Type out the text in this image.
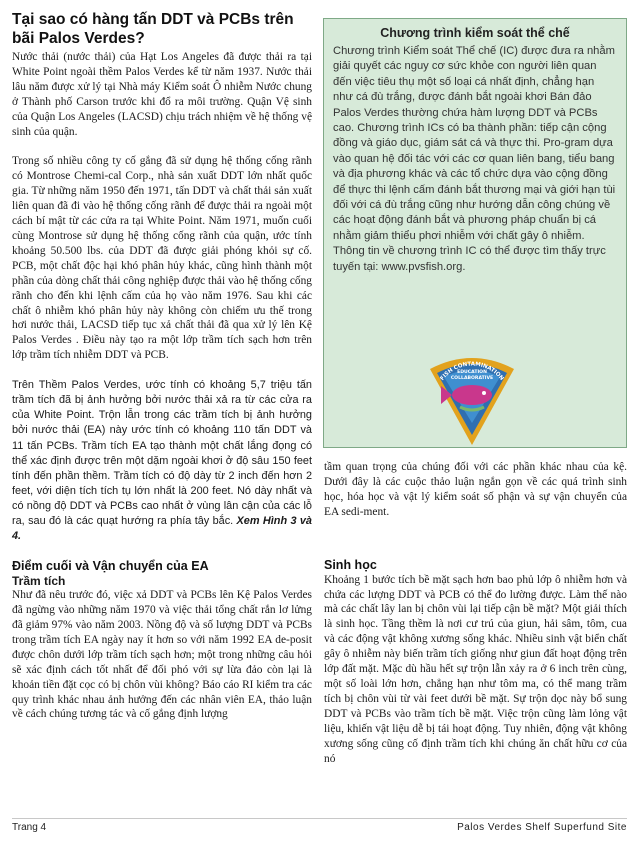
Tại sao có hàng tấn DDT và PCBs trên bãi Palos Verdes?

Nước thải (nước thải) của Hạt Los Angeles đã được thải ra tại White Point ngoài thềm Palos Verdes kể từ năm 1937. Nước thải lâu năm được xử lý tại Nhà máy Kiểm soát Ô nhiễm Nước chung ở Thành phố Carson trước khi đổ ra môi trường. Quận Vệ sinh của Quận Los Angeles (LACSD) chịu trách nhiệm về hệ thống vệ sinh của quận.

Trong số nhiều công ty cố gắng đã sử dụng hệ thống cống rãnh có Montrose Chemi-cal Corp., nhà sản xuất DDT lớn nhất quốc gia. Từ những năm 1950 đến 1971, tấn DDT và chất thải sản xuất liên quan đã đi vào hệ thống cống rãnh để được thải ra ngoài một cách bí mật từ các cửa ra tại White Point. Năm 1971, muốn cuối cùng Montrose sử dụng hệ thống cống rãnh của quận, ước tính khoảng 50.500 lbs. của DDT đã được giải phóng khỏi sự cố. PCB, một chất độc hại khó phân hủy khác, cũng hình thành một phần của dòng chất thải công nghiệp được thải vào hệ thống cống rãnh cho đến khi lệnh cấm của họ vào năm 1976. Sau khi các chất ô nhiễm khó phân hủy này không còn chiếm ưu thế trong hơi nước thải, LACSD tiếp tục xả chất thải đã qua xử lý lên Kệ Palos Verdes . Điều này tạo ra một lớp trầm tích sạch hơn trên lớp trầm tích nhiễm DDT và PCB.

Trên Thềm Palos Verdes, ước tính có khoảng 5,7 triệu tấn trầm tích đã bị ảnh hưởng bởi nước thải xả ra từ các cửa ra của White Point. Trộn lẫn trong các trầm tích bị ảnh hưởng bởi nước thải (EA) này ước tính có khoảng 110 tấn DDT và 11 tấn PCBs. Trầm tích EA tạo thành một chất lắng đọng có thể xác định được trên một dặm ngoài khơi ở độ sâu 150 feet tính đến phần thềm. Trầm tích có độ dày từ 2 inch đến hơn 2 feet, với diện tích tích tụ lớn nhất là 200 feet. Nó dày nhất và có nồng độ DDT và PCBs cao nhất ở vùng lân cận của các lỗ ra, sau đó là các quạt hướng ra phía tây bắc. Xem Hình 3 và 4.

Điểm cuối và Vận chuyển của EA
Trầm tích

Như đã nêu trước đó, việc xả DDT và PCBs lên Kệ Palos Verdes đã ngừng vào những năm 1970 và việc thải tổng chất rắn lơ lửng đã giảm 97% vào năm 2003. Nồng độ và số lượng DDT và PCBs trong trầm tích EA ngày nay ít hơn so với năm 1992 EA de-posit được chôn dưới lớp trầm tích sạch hơn; một trong những câu hỏi sẽ xác định cách tốt nhất để đối phó với sự lừa đảo còn lại là khoản tiền đặt cọc có bị chôn vùi không? Báo cáo RI kiểm tra các quy trình khác nhau ảnh hưởng đến các nhân viên EA, thảo luận về cách chúng tương tác và cố gắng định lượng

Chương trình kiểm soát thể chế

Chương trình Kiểm soát Thể chế (IC) được đưa ra nhằm giải quyết các nguy cơ sức khỏe con người liên quan đến việc tiêu thụ một số loại cá nhất định, chẳng hạn như cá đù trắng, được đánh bắt ngoài khơi Bán đảo Palos Verdes thường chứa hàm lượng DDT và PCBs cao. Chương trình ICs có ba thành phần: tiếp cận cộng đồng và giáo dục, giám sát cá và thực thi. Pro-gram dựa vào quan hệ đối tác với các cơ quan liên bang, tiểu bang và địa phương khác và các tổ chức dựa vào cộng đồng để thực thi lệnh cấm đánh bắt thương mại và giới hạn tùi đối với cá đù trắng cũng như hướng dẫn công chúng về các hoạt động đánh bắt và phương pháp chuẩn bị cá nhằm giảm thiểu phơi nhiễm với chất gây ô nhiễm. Thông tin về chương trình IC có thể được tìm thấy trực tuyến tại: www.pvsfish.org.

FISH CONTAMINATION
EDUCATION
COLLABORATIVE

tầm quan trọng của chúng đối với các phần khác nhau của kệ. Dưới đây là các cuộc thảo luận ngắn gọn về các quá trình sinh học, hóa học và vật lý kiểm soát số phận và sự vận chuyển của EA sedi-ment.

Sinh học

Khoảng 1 bước tích bề mặt sạch hơn bao phủ lớp ô nhiễm hơn và chứa các lượng DDT và PCB có thể đo lường được. Làm thế nào mà các chất lây lan bị chôn vùi lại tiếp cận bề mặt? Một giải thích là sinh học. Tầng thềm là nơi cư trú của giun, hải sâm, tôm, cua và các động vật không xương sống khác. Nhiều sinh vật biển chất gây ô nhiễm này biến trầm tích giống như giun đất hoạt động trên lớp đất mặt. Mặc dù hầu hết sự trộn lẫn xảy ra ở 6 inch trên cùng, một số loài lớn hơn, chẳng hạn như tôm ma, có thể mang trầm tích bị chôn vùi từ vài feet dưới bề mặt. Sự trộn dọc này bổ sung DDT và PCBs vào trầm tích bề mặt. Việc trộn cũng làm lỏng vật liệu, khiến vật liệu dễ bị tái hoạt động. Tuy nhiên, động vật không xương sống cũng cố định trầm tích khi chúng ăn chất hữu cơ của nó

Trang 4	Palos Verdes Shelf Superfund Site
